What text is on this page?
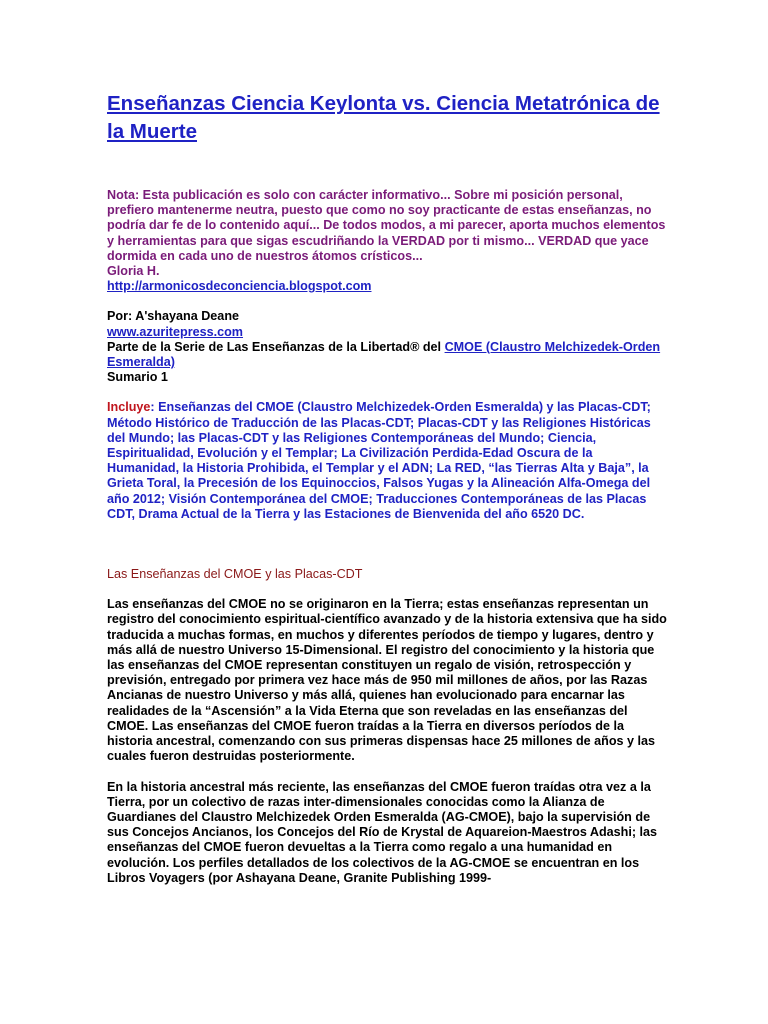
Enseñanzas Ciencia Keylonta vs. Ciencia Metatrónica de la Muerte
Nota: Esta publicación es solo con carácter informativo... Sobre mi posición personal, prefiero mantenerme neutra, puesto que como no soy practicante de estas enseñanzas, no podría dar fe de lo contenido aquí... De todos modos, a mi parecer, aporta muchos elementos y herramientas para que sigas escudriñando la VERDAD por ti mismo... VERDAD que yace dormida en cada uno de nuestros átomos crísticos...
Gloria H.
http://armonicosdeconciencia.blogspot.com
Por: A'shayana Deane
www.azuritepress.com
Parte de la Serie de Las Enseñanzas de la Libertad® del CMOE (Claustro Melchizedek-Orden Esmeralda)
Sumario 1
Incluye: Enseñanzas del CMOE (Claustro Melchizedek-Orden Esmeralda) y las Placas-CDT; Método Histórico de Traducción de las Placas-CDT; Placas-CDT y las Religiones Históricas del Mundo; las Placas-CDT y las Religiones Contemporáneas del Mundo; Ciencia, Espiritualidad, Evolución y el Templar; La Civilización Perdida-Edad Oscura de la Humanidad, la Historia Prohibida, el Templar y el ADN; La RED, “las Tierras Alta y Baja”, la Grieta Toral, la Precesión de los Equinoccios, Falsos Yugas y la Alineación Alfa-Omega del año 2012; Visión Contemporánea del CMOE; Traducciones Contemporáneas de las Placas CDT, Drama Actual de la Tierra y las Estaciones de Bienvenida del año 6520 DC.
Las Enseñanzas del CMOE y las Placas-CDT
Las enseñanzas del CMOE no se originaron en la Tierra; estas enseñanzas representan un registro del conocimiento espiritual-científico avanzado y de la historia extensiva que ha sido traducida a muchas formas, en muchos y diferentes períodos de tiempo y lugares, dentro y más allá de nuestro Universo 15-Dimensional. El registro del conocimiento y la historia que las enseñanzas del CMOE representan constituyen un regalo de visión, retrospección y previsión, entregado por primera vez hace más de 950 mil millones de años, por las Razas Ancianas de nuestro Universo y más allá, quienes han evolucionado para encarnar las realidades de la “Ascensión” a la Vida Eterna que son reveladas en las enseñanzas del CMOE. Las enseñanzas del CMOE fueron traídas a la Tierra en diversos períodos de la historia ancestral, comenzando con sus primeras dispensas hace 25 millones de años y las cuales fueron destruidas posteriormente.
En la historia ancestral más reciente, las enseñanzas del CMOE fueron traídas otra vez a la Tierra, por un colectivo de razas inter-dimensionales conocidas como la Alianza de Guardianes del Claustro Melchizedek Orden Esmeralda (AG-CMOE), bajo la supervisión de sus Concejos Ancianos, los Concejos del Río de Krystal de Aquareion-Maestros Adashi; las enseñanzas del CMOE fueron devueltas a la Tierra como regalo a una humanidad en evolución. Los perfiles detallados de los colectivos de la AG-CMOE se encuentran en los Libros Voyagers (por Ashayana Deane, Granite Publishing 1999-
